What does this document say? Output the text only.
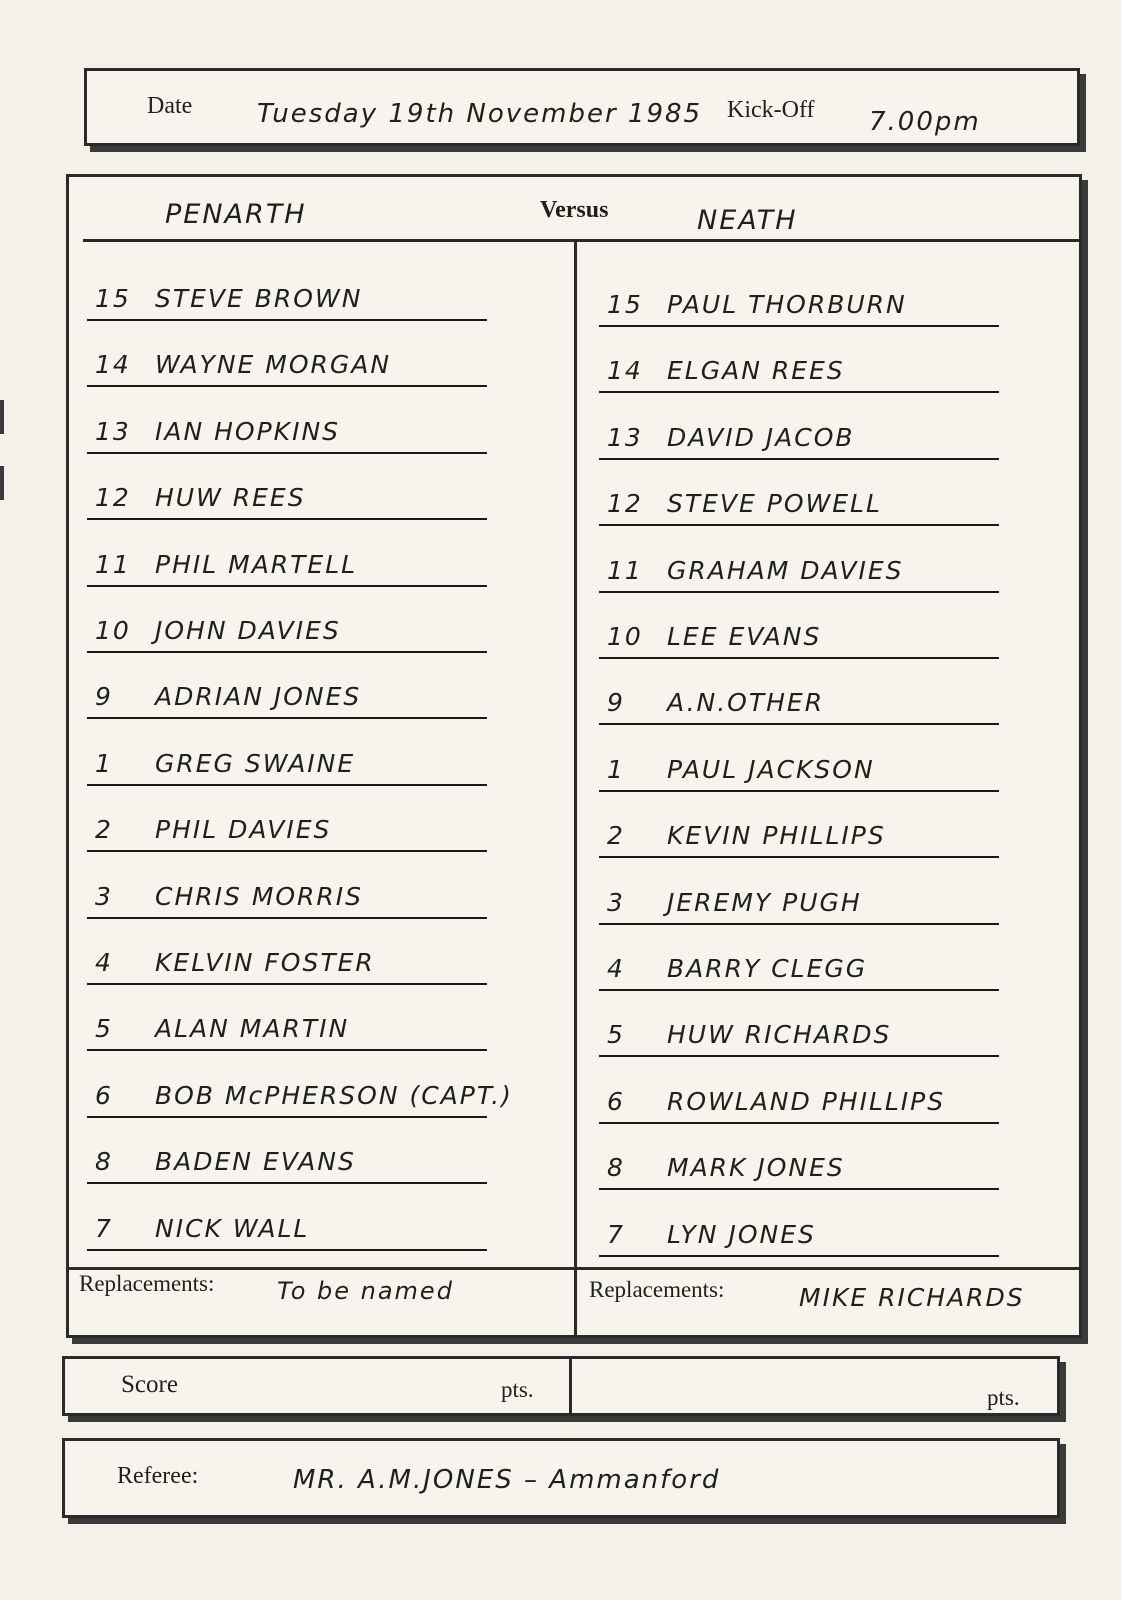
Date Tuesday 19th November 1985 Kick-Off 7.00pm
PENARTH	Versus	NEATH
15 STEVE BROWN
14 WAYNE MORGAN
13 IAN HOPKINS
12 HUW REES
11 PHIL MARTELL
10 JOHN DAVIES
9 ADRIAN JONES
1 GREG SWAINE
2 PHIL DAVIES
3 CHRIS MORRIS
4 KELVIN FOSTER
5 ALAN MARTIN
6 BOB McPHERSON (CAPT.)
8 BADEN EVANS
7 NICK WALL
15 PAUL THORBURN
14 ELGAN REES
13 DAVID JACOB
12 STEVE POWELL
11 GRAHAM DAVIES
10 LEE EVANS
9 A.N.OTHER
1 PAUL JACKSON
2 KEVIN PHILLIPS
3 JEREMY PUGH
4 BARRY CLEGG
5 HUW RICHARDS
6 ROWLAND PHILLIPS
8 MARK JONES
7 LYN JONES
Replacements:	To be named	Replacements:	MIKE RICHARDS
Score	pts.	pts.
Referee:	MR. A.M.JONES – Ammanford
